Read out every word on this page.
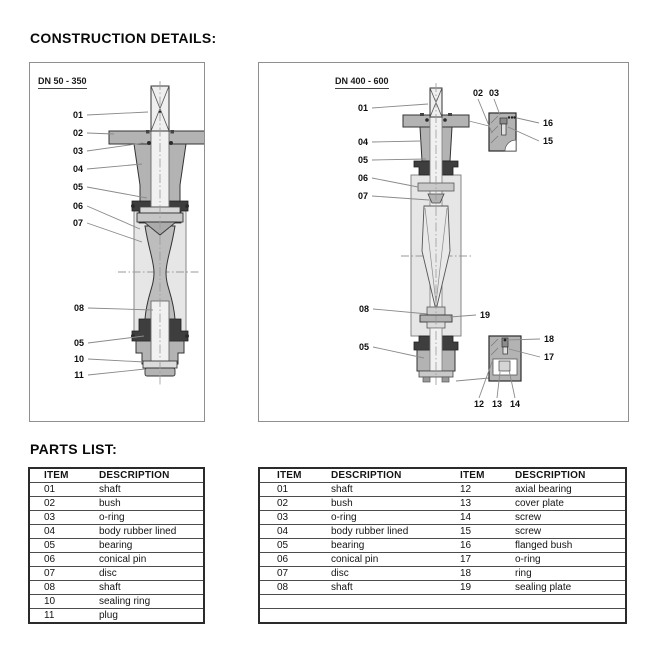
CONSTRUCTION DETAILS:
DN 50 - 350
01
02
03
04
05
06
07
08
05
10
11
DN 400 - 600
01
02 03
16
15
04
05
06
07
08
19
05
18
17
12 13 14
PARTS LIST:
ITEM	DESCRIPTION
01	shaft
02	bush
03	o-ring
04	body rubber lined
05	bearing
06	conical pin
07	disc
08	shaft
10	sealing ring
11	plug
ITEM	DESCRIPTION	ITEM	DESCRIPTION
01	shaft	12	axial bearing
02	bush	13	cover plate
03	o-ring	14	screw
04	body rubber lined	15	screw
05	bearing	16	flanged bush
06	conical pin	17	o-ring
07	disc	18	ring
08	shaft	19	sealing plate
